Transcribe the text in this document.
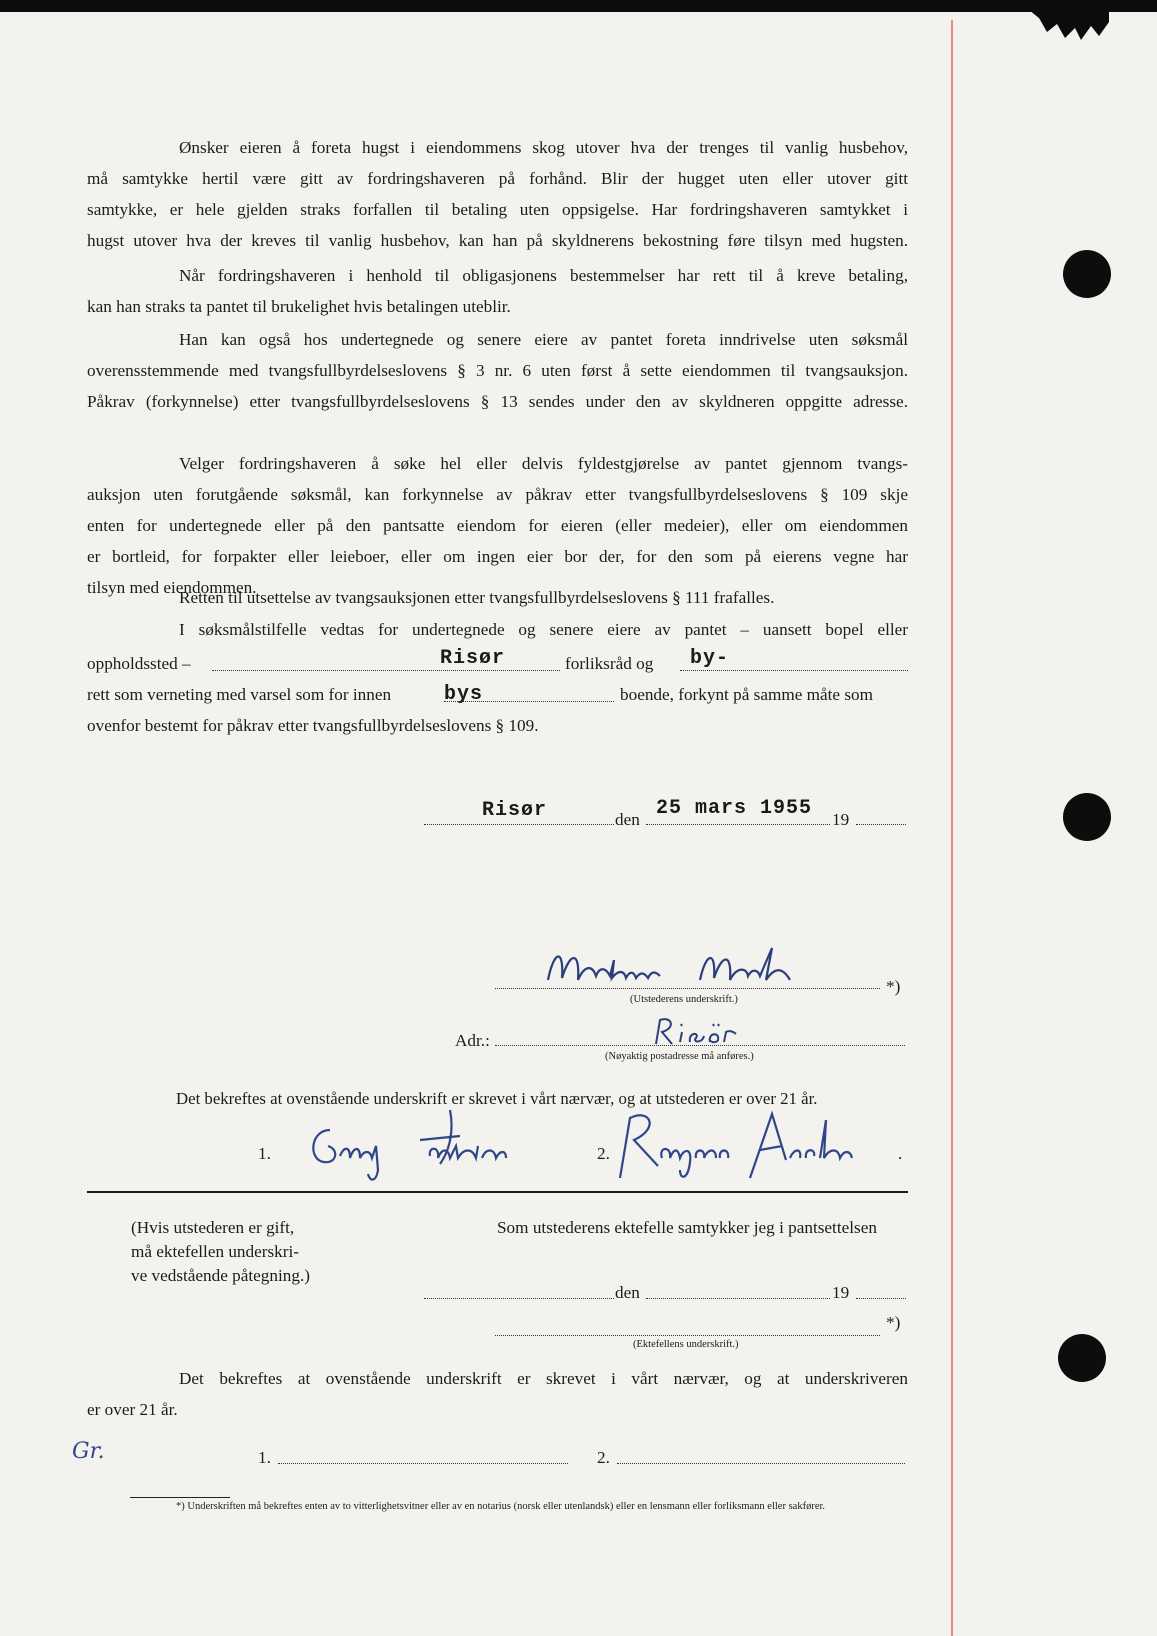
Ønsker eieren å foreta hugst i eiendommens skog utover hva der trenges til vanlig husbehov,
må samtykke hertil være gitt av fordringshaveren på forhånd. Blir der hugget uten eller utover gitt
samtykke, er hele gjelden straks forfallen til betaling uten oppsigelse. Har fordringshaveren samtykket i
hugst utover hva der kreves til vanlig husbehov, kan han på skyldnerens bekostning føre tilsyn med hugsten.
Når fordringshaveren i henhold til obligasjonens bestemmelser har rett til å kreve betaling,
kan han straks ta pantet til brukelighet hvis betalingen uteblir.
Han kan også hos undertegnede og senere eiere av pantet foreta inndrivelse uten søksmål
overensstemmende med tvangsfullbyrdelseslovens § 3 nr. 6 uten først å sette eiendommen til tvangsauksjon.
Påkrav (forkynnelse) etter tvangsfullbyrdelseslovens § 13 sendes under den av skyldneren oppgitte adresse.
Velger fordringshaveren å søke hel eller delvis fyldestgjørelse av pantet gjennom tvangs-
auksjon uten forutgående søksmål, kan forkynnelse av påkrav etter tvangsfullbyrdelseslovens § 109 skje
enten for undertegnede eller på den pantsatte eiendom for eieren (eller medeier), eller om eiendommen
er bortleid, for forpakter eller leieboer, eller om ingen eier bor der, for den som på eierens vegne har
tilsyn med eiendommen.
Retten til utsettelse av tvangsauksjonen etter tvangsfullbyrdelseslovens § 111 frafalles.
I søksmålstilfelle vedtas for undertegnede og senere eiere av pantet – uansett bopel eller
oppholdssted –	Risør	forliksråd og by-
rett som verneting med varsel som for innen	bys	boende, forkynt på samme måte som
ovenfor bestemt for påkrav etter tvangsfullbyrdelseslovens § 109.
Risør	den 25 mars 1955 19
*)
(Utstederens underskrift.)
Adr.:
(Nøyaktig postadresse må anføres.)
Det bekreftes at ovenstående underskrift er skrevet i vårt nærvær, og at utstederen er over 21 år.
1.	2.	.
(Hvis utstederen er gift,
må ektefellen underskri-
ve vedstående påtegning.)
Som utstederens ektefelle samtykker jeg i pantsettelsen
den	19
*)
(Ektefellens underskrift.)
Det bekreftes at ovenstående underskrift er skrevet i vårt nærvær, og at underskriveren
er over 21 år.
Gr.	1.	2.
*) Underskriften må bekreftes enten av to vitterlighetsvitner eller av en notarius (norsk eller utenlandsk) eller en lensmann eller forliksmann eller sakfører.
